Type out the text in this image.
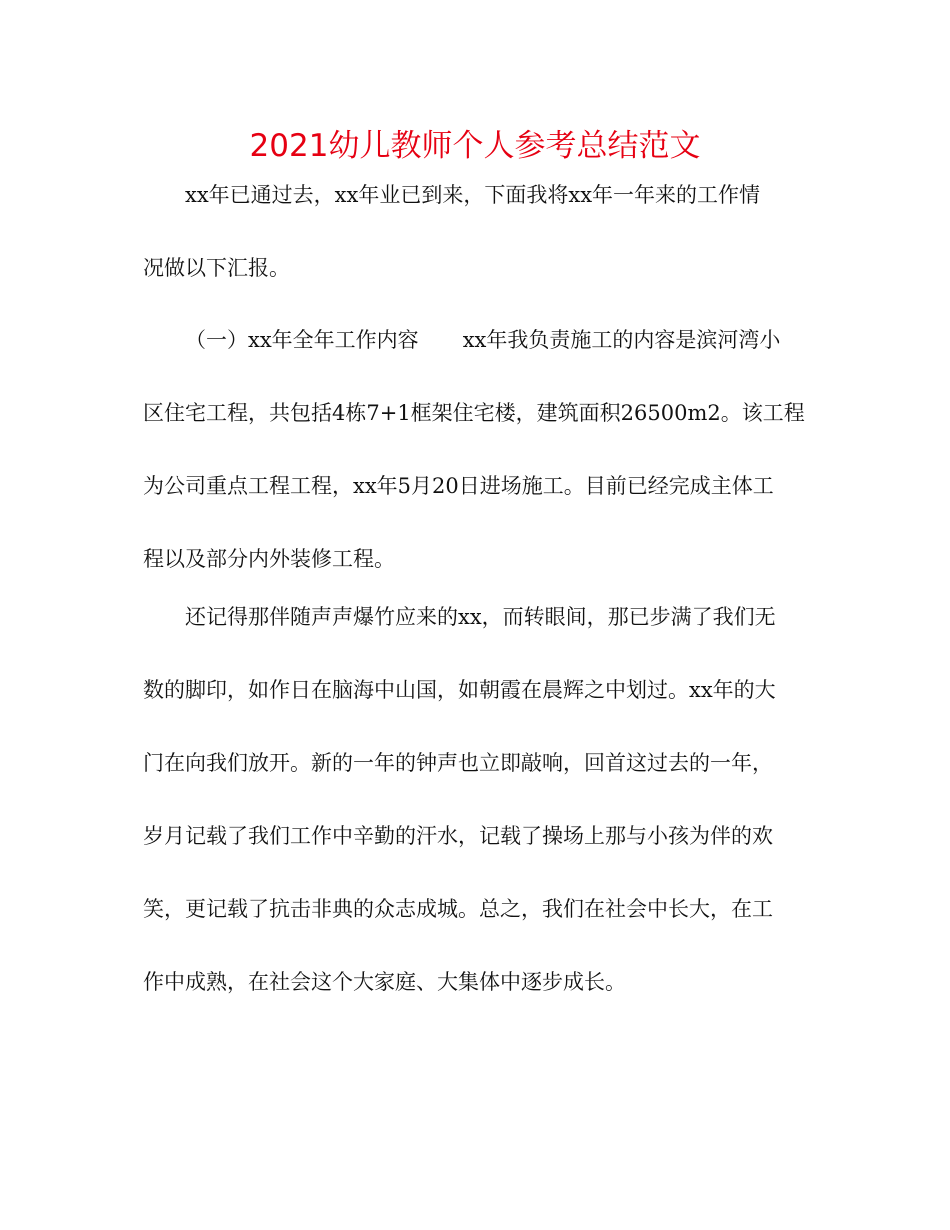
2021幼儿教师个人参考总结范文

xx年已通过去，xx年业已到来，下面我将xx年一年来的工作情

况做以下汇报。

（一）xx年全年工作内容 xx年我负责施工的内容是滨河湾小

区住宅工程，共包括4栋7+1框架住宅楼，建筑面积26500m2。该工程

为公司重点工程工程，xx年5月20日进场施工。目前已经完成主体工

程以及部分内外装修工程。

还记得那伴随声声爆竹应来的xx，而转眼间，那已步满了我们无

数的脚印，如作日在脑海中山国，如朝霞在晨辉之中划过。xx年的大

门在向我们放开。新的一年的钟声也立即敲响，回首这过去的一年，

岁月记载了我们工作中辛勤的汗水，记载了操场上那与小孩为伴的欢

笑，更记载了抗击非典的众志成城。总之，我们在社会中长大，在工

作中成熟，在社会这个大家庭、大集体中逐步成长。
